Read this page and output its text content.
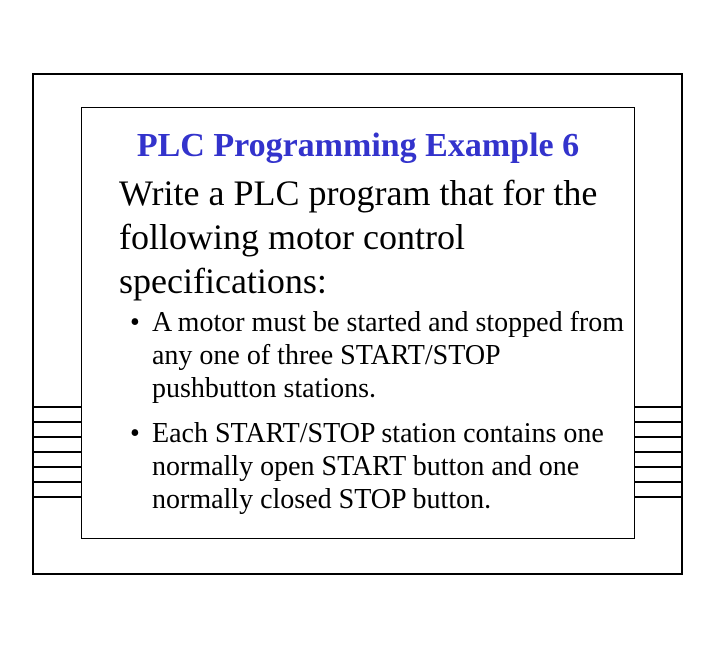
PLC Programming Example 6

Write a PLC program that for the following motor control specifications:

• A motor must be started and stopped from any one of three START/STOP pushbutton stations.
• Each START/STOP station contains one normally open START button and one normally closed STOP button.
